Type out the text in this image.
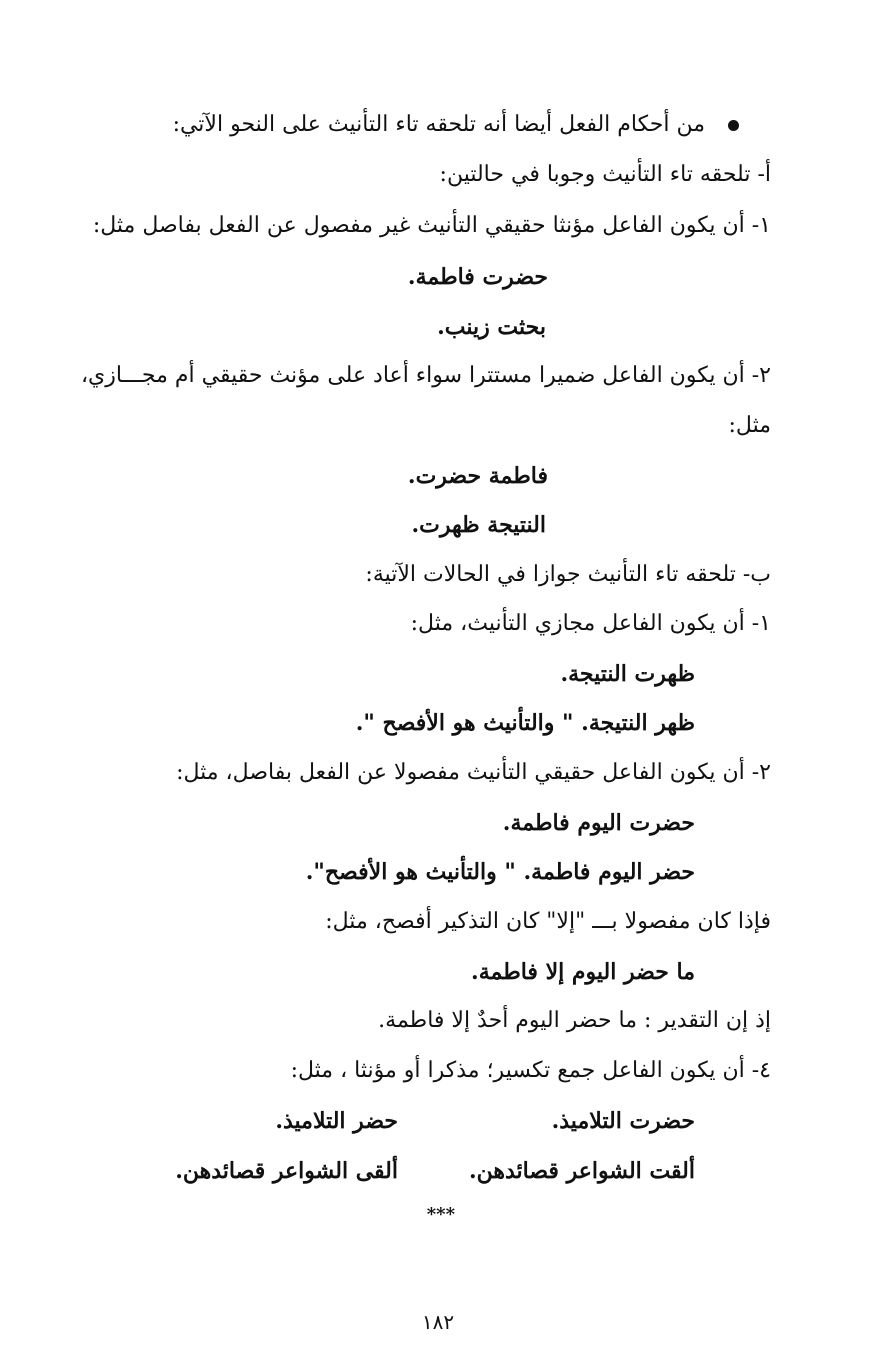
من أحكام الفعل أيضا أنه تلحقه تاء التأنيث على النحو الآتي:
أ- تلحقه تاء التأنيث وجوبا في حالتين:
١- أن يكون الفاعل مؤنثا حقيقي التأنيث غير مفصول عن الفعل بفاصل مثل:
حضرت فاطمة.
بحثت زينب.
٢- أن يكون الفاعل ضميرا مستترا سواء أعاد على مؤنث حقيقي أم مجـــازي،
مثل:
فاطمة حضرت.
النتيجة ظهرت.
ب- تلحقه تاء التأنيث جوازا في الحالات الآتية:
١- أن يكون الفاعل مجازي التأنيث، مثل:
ظهرت النتيجة.
ظهر النتيجة. " والتأنيث هو الأفصح ".
٢- أن يكون الفاعل حقيقي التأنيث مفصولا عن الفعل بفاصل، مثل:
حضرت اليوم فاطمة.
حضر اليوم فاطمة. " والتأنيث هو الأفصح".
فإذا كان مفصولا بـــ "إلا" كان التذكير أفصح، مثل:
ما حضر اليوم إلا فاطمة.
إذ إن التقدير : ما حضر اليوم أحدٌ إلا فاطمة.
٤- أن يكون الفاعل جمع تكسير؛ مذكرا أو مؤنثا ، مثل:
حضرت التلاميذ.
حضر التلاميذ.
ألقت الشواعر قصائدهن.
ألقى الشواعر قصائدهن.
***
١٨٢
